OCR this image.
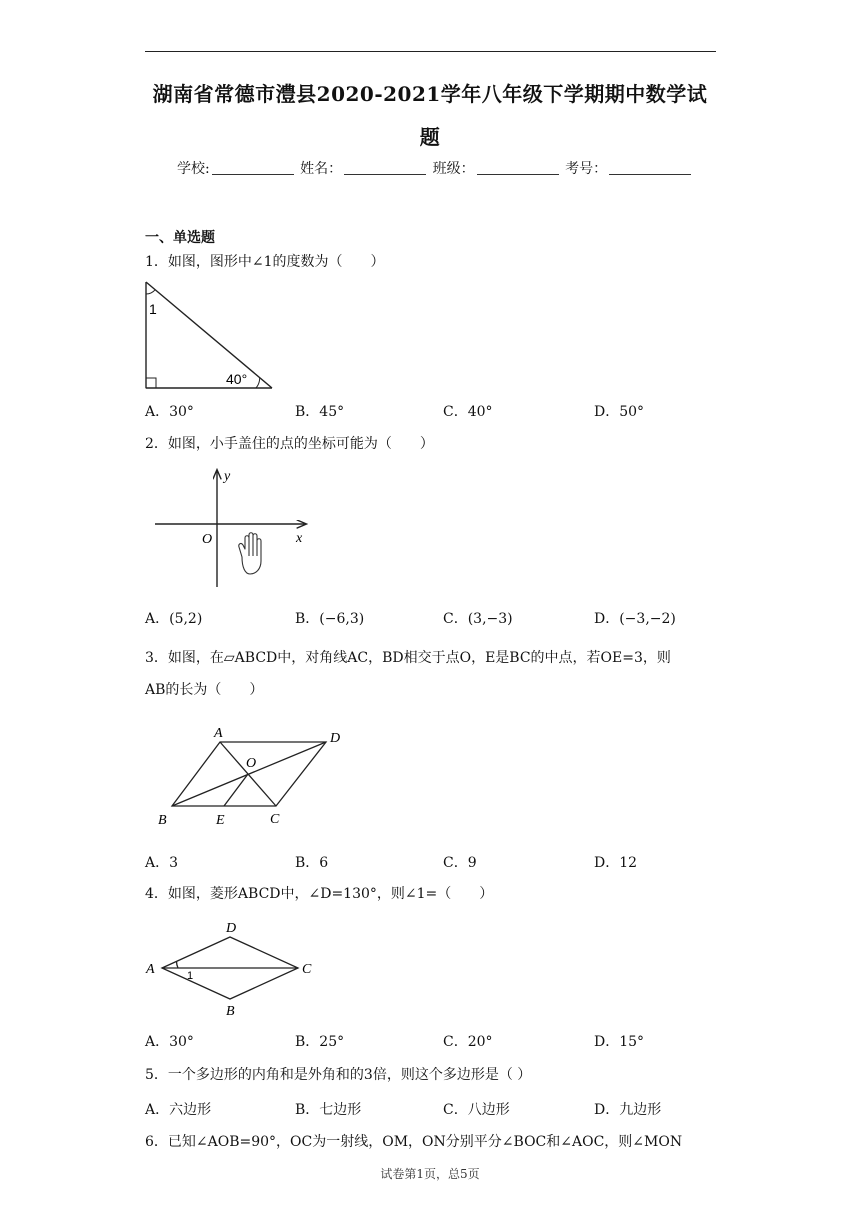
湖南省常德市澧县2020-2021学年八年级下学期期中数学试
题
学校:	姓名：	班级：	考号：
一、单选题
1．如图，图形中∠1的度数为（　　）
1
40°
A．30°	B．45°	C．40°	D．50°
2．如图，小手盖住的点的坐标可能为（　　）
y
x
O
A．(5,2)	B．(−6,3)	C．(3,−3)	D．(−3,−2)
3．如图，在▱ABCD中，对角线AC，BD相交于点O，E是BC的中点，若OE=3，则
AB的长为（　　）
A
B	C
D
E
O
A．3	B．6	C．9	D．12
4．如图，菱形ABCD中，∠D=130°，则∠1=（　　）
A
D
C
B
1
A．30°	B．25°	C．20°	D．15°
5．一个多边形的内角和是外角和的3倍，则这个多边形是（ ）
A．六边形	B．七边形	C．八边形	D．九边形
6．已知∠AOB=90°，OC为一射线，OM，ON分别平分∠BOC和∠AOC，则∠MON
试卷第1页，总5页
